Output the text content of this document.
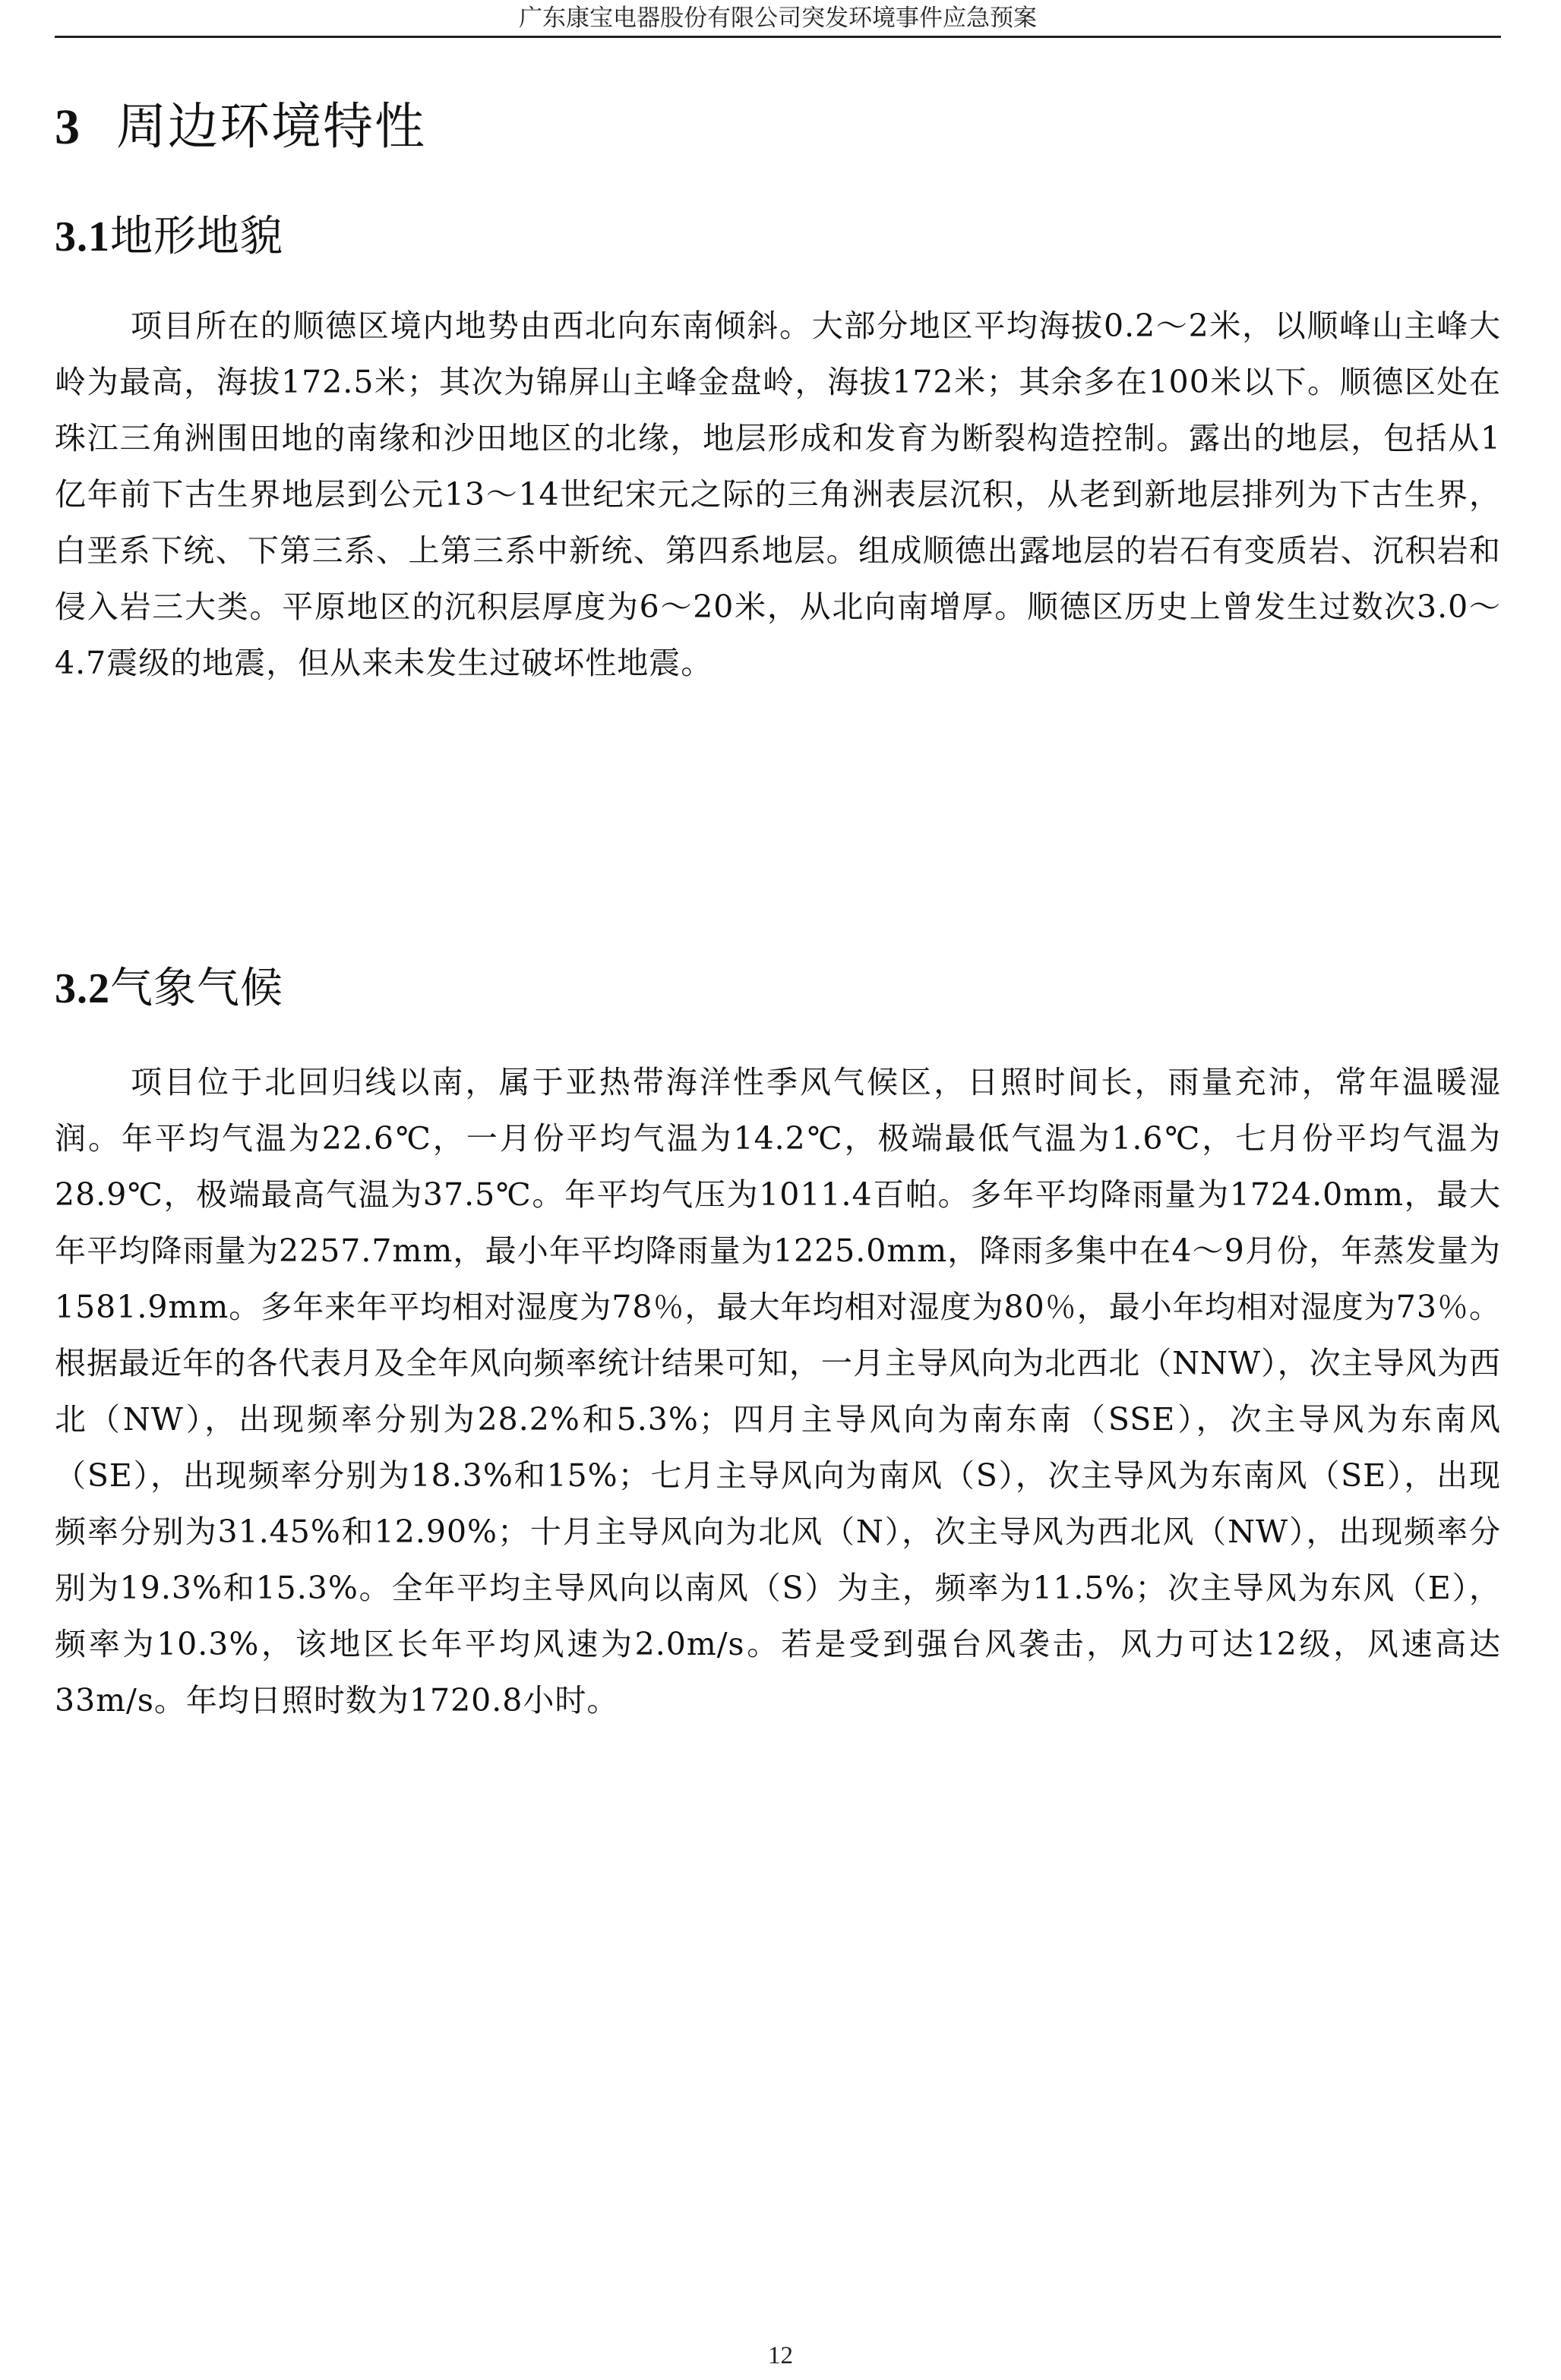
广东康宝电器股份有限公司突发环境事件应急预案
3 周边环境特性
3.1地形地貌

项目所在的顺德区境内地势由西北向东南倾斜。大部分地区平均海拔0.2～2米，以顺峰山主峰大岭为最高，海拔172.5米；其次为锦屏山主峰金盘岭，海拔172米；其余多在100米以下。顺德区处在珠江三角洲围田地的南缘和沙田地区的北缘，地层形成和发育为断裂构造控制。露出的地层，包括从1亿年前下古生界地层到公元13～14世纪宋元之际的三角洲表层沉积，从老到新地层排列为下古生界，白垩系下统、下第三系、上第三系中新统、第四系地层。组成顺德出露地层的岩石有变质岩、沉积岩和侵入岩三大类。平原地区的沉积层厚度为6～20米，从北向南增厚。顺德区历史上曾发生过数次3.0～4.7震级的地震，但从来未发生过破坏性地震。

3.2气象气候

项目位于北回归线以南，属于亚热带海洋性季风气候区，日照时间长，雨量充沛，常年温暖湿润。年平均气温为22.6℃，一月份平均气温为14.2℃，极端最低气温为1.6℃，七月份平均气温为28.9℃，极端最高气温为37.5℃。年平均气压为1011.4百帕。多年平均降雨量为1724.0mm，最大年平均降雨量为2257.7mm，最小年平均降雨量为1225.0mm，降雨多集中在4～9月份，年蒸发量为1581.9mm。多年来年平均相对湿度为78％，最大年均相对湿度为80％，最小年均相对湿度为73％。根据最近年的各代表月及全年风向频率统计结果可知，一月主导风向为北西北（NNW），次主导风为西北（NW），出现频率分别为28.2%和5.3%；四月主导风向为南东南（SSE），次主导风为东南风（SE），出现频率分别为18.3%和15%；七月主导风向为南风（S），次主导风为东南风（SE），出现频率分别为31.45%和12.90%；十月主导风向为北风（N），次主导风为西北风（NW），出现频率分别为19.3%和15.3%。全年平均主导风向以南风（S）为主，频率为11.5%；次主导风为东风（E），频率为10.3%，该地区长年平均风速为2.0m/s。若是受到强台风袭击，风力可达12级，风速高达33m/s。年均日照时数为1720.8小时。

12
